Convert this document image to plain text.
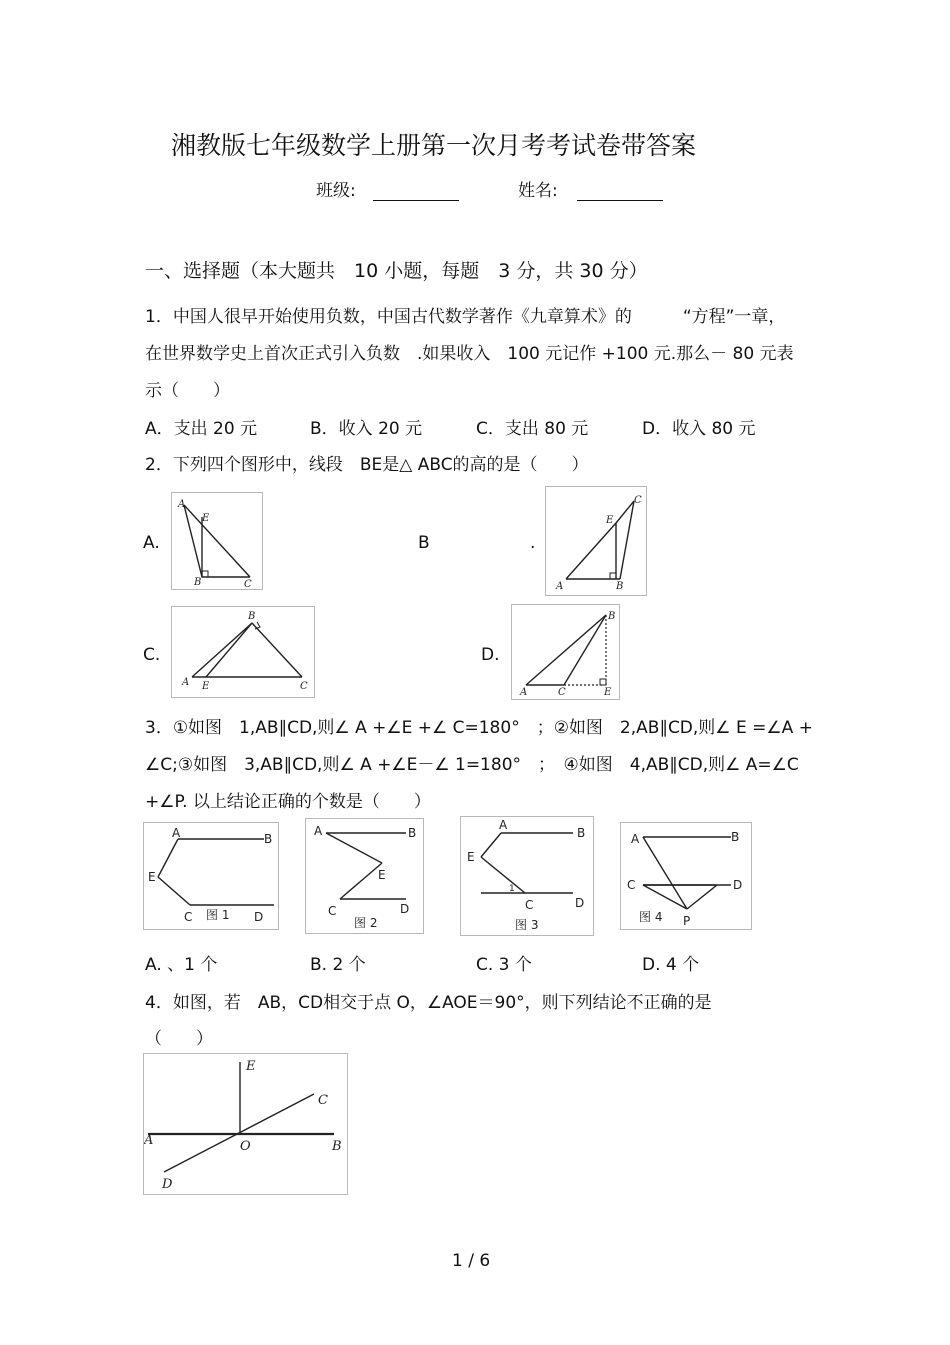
湘教版七年级数学上册第一次月考考试卷带答案
班级:	姓名:
一、选择题（本大题共　10 小题，每题　3 分，共 30 分）
1．中国人很早开始使用负数，中国古代数学著作《九章算术》的　　　“方程”一章，
在世界数学史上首次正式引入负数　.如果收入　100 元记作 +100 元.那么－ 80 元表
示（　　）
A．支出 20 元	B．收入 20 元	C．支出 80 元	D．收入 80 元
2．下列四个图形中，线段　BE是△ ABC的高的是（　　）
A.
A
E
B	C
B	.
A
E
B
C
C.
A E
B
C
D.
A	C
B
E
3．①如图　1,AB∥CD,则∠ A +∠E +∠ C=180°　；②如图　2,AB∥CD,则∠ E =∠A +
∠C;③如图　3,AB∥CD,则∠ A +∠E－∠ 1=180°　；　④如图　4,AB∥CD,则∠ A=∠C
+∠P. 以上结论正确的个数是（　　）
A	B
E
C	D
图 1
A	B
E
C	D
图 2
A
B
E
1
C	D
图 3
A	B
C	D
P
图 4
A. 、1 个	B. 2 个	C. 3 个	D. 4 个
4．如图，若　AB，CD相交于点 O，∠AOE＝90°，则下列结论不正确的是
（　　）
E
C
A	O	B
D
1 / 6
